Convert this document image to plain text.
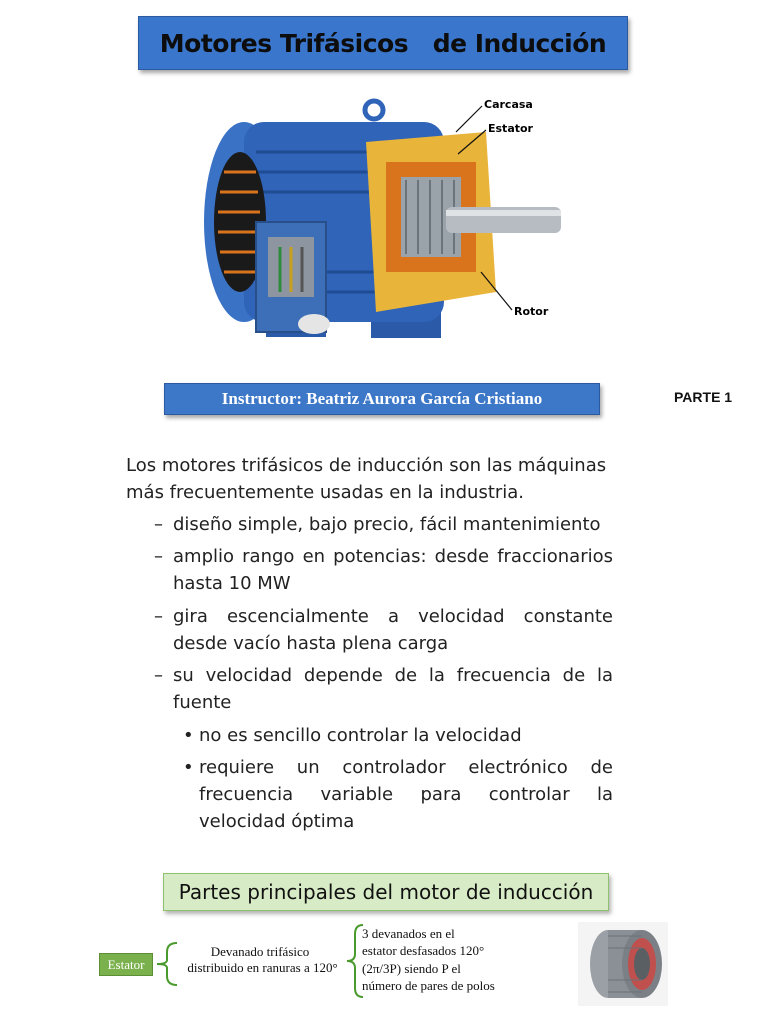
Motores Trifásicos   de Inducción
Carcasa
Estator
Rotor
Instructor: Beatriz Aurora García Cristiano	PARTE 1
Los motores trifásicos de inducción son las máquinas
más frecuentemente usadas en la industria.
– diseño simple, bajo precio, fácil mantenimiento
– amplio rango en potencias: desde fraccionarios
hasta 10 MW
– gira escencialmente a velocidad constante
desde vacío hasta plena carga
– su velocidad depende de la frecuencia de la
fuente
• no es sencillo controlar la velocidad
• requiere un controlador electrónico de
frecuencia variable para controlar la
velocidad óptima
Partes principales del motor de inducción
Estator
Devanado trifásico
distribuido en ranuras a 120°
3 devanados en el
estator desfasados 120°
(2π/3P) siendo P el
número de pares de polos
